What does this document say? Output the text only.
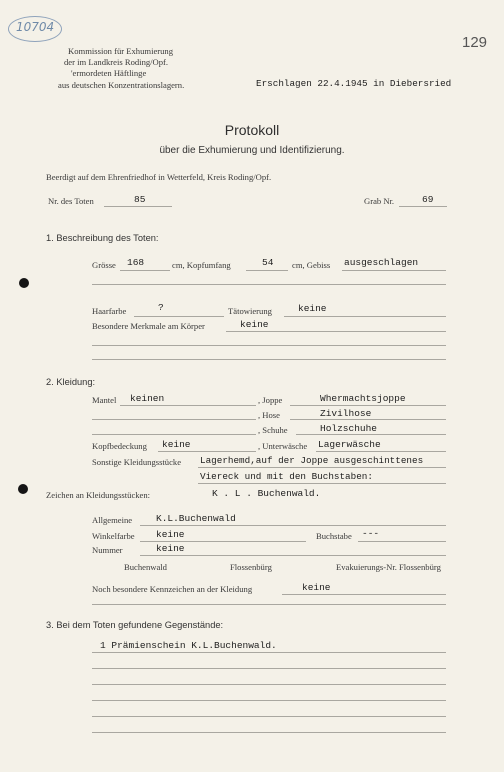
10704
129
Kommission für Exhumierung
der im Landkreis Roding/Opf.
'ermordeten Häftlinge
aus deutschen Konzentrationslagern.	Erschlagen 22.4.1945 in Diebersried
Protokoll
über die Exhumierung und Identifizierung.
Beerdigt auf dem Ehrenfriedhof in Wetterfeld, Kreis Roding/Opf.
Nr. des Toten	85	Grab Nr.	69
1. Beschreibung des Toten:
Grösse 168	cm, Kopfumfang	54 cm, Gebiss ausgeschlagen
Haarfarbe	?	Tätowierung	keine
Besondere Merkmale am Körper	keine
2. Kleidung:
Mantel keinen	, Joppe	Whermachtsjoppe
, Hose	Zivilhose
, Schuhe	Holzschuhe
Kopfbedeckung keine	, Unterwäsche Lagerwäsche
Sonstige Kleidungsstücke Lagerhemd,auf der Joppe ausgeschinttenes
Viereck und mit den Buchstaben:
Zeichen an Kleidungsstücken:	K . L . Buchenwald.
Allgemeine	K.L.Buchenwald
Winkelfarbe keine	Buchstabe ---
Nummer	keine
Buchenwald	Flossenbürg	Evakuierungs-Nr. Flossenbürg
Noch besondere Kennzeichen an der Kleidung	keine
3. Bei dem Toten gefundene Gegenstände:
1 Prämienschein K.L.Buchenwald.
